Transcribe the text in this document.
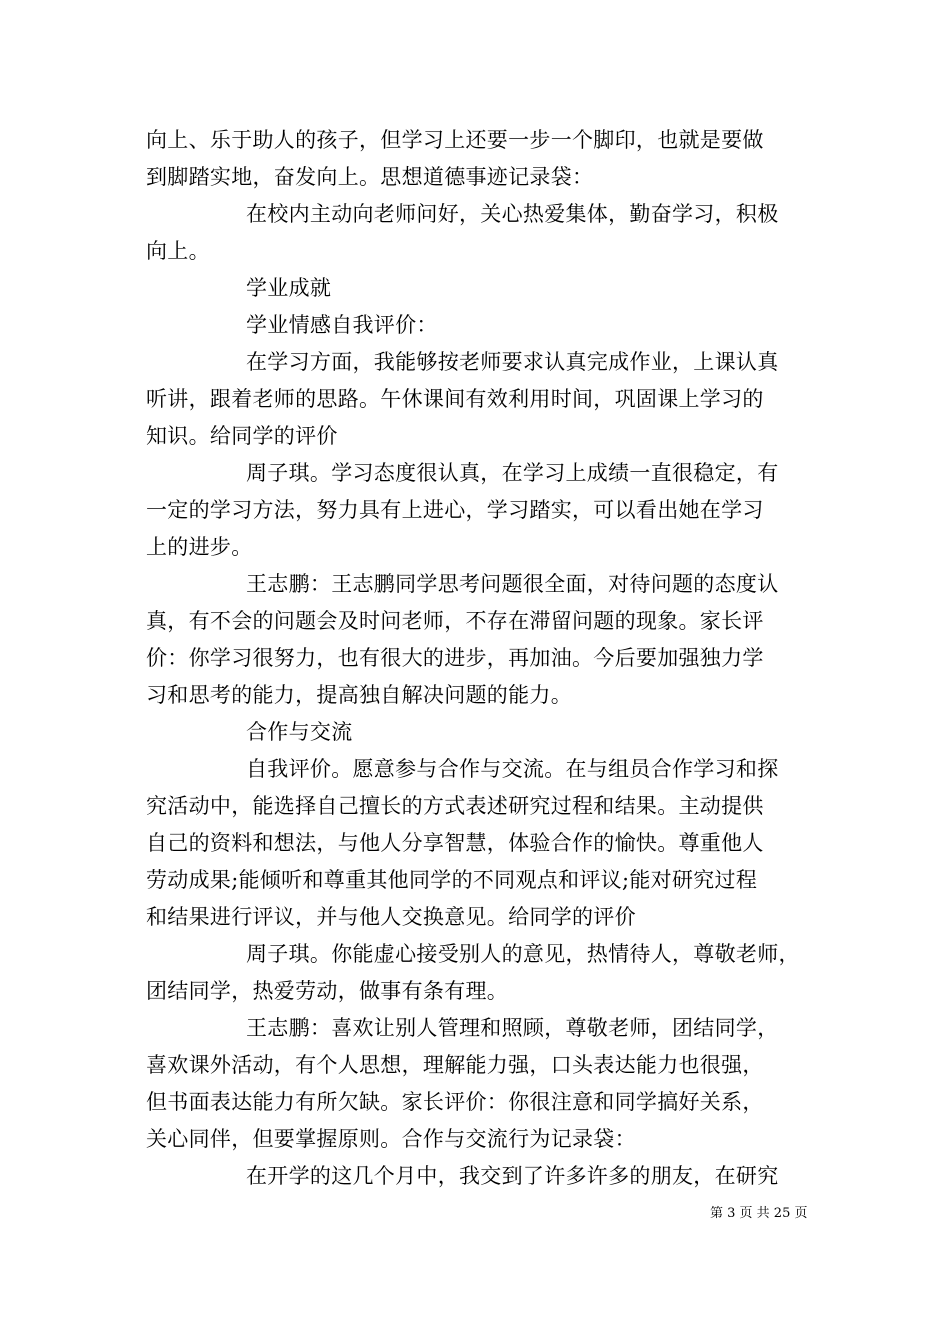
向上、乐于助人的孩子，但学习上还要一步一个脚印，也就是要做
到脚踏实地，奋发向上。思想道德事迹记录袋：
在校内主动向老师问好，关心热爱集体，勤奋学习，积极
向上。
学业成就
学业情感自我评价：
在学习方面，我能够按老师要求认真完成作业，上课认真
听讲，跟着老师的思路。午休课间有效利用时间，巩固课上学习的
知识。给同学的评价
周子琪。学习态度很认真，在学习上成绩一直很稳定，有
一定的学习方法，努力具有上进心，学习踏实，可以看出她在学习
上的进步。
王志鹏：王志鹏同学思考问题很全面，对待问题的态度认
真，有不会的问题会及时问老师，不存在滞留问题的现象。家长评
价：你学习很努力，也有很大的进步，再加油。今后要加强独力学
习和思考的能力，提高独自解决问题的能力。
合作与交流
自我评价。愿意参与合作与交流。在与组员合作学习和探
究活动中，能选择自己擅长的方式表述研究过程和结果。主动提供
自己的资料和想法，与他人分享智慧，体验合作的愉快。尊重他人
劳动成果;能倾听和尊重其他同学的不同观点和评议;能对研究过程
和结果进行评议，并与他人交换意见。给同学的评价
周子琪。你能虚心接受别人的意见，热情待人，尊敬老师，
团结同学，热爱劳动，做事有条有理。
王志鹏：喜欢让别人管理和照顾，尊敬老师，团结同学，
喜欢课外活动，有个人思想，理解能力强，口头表达能力也很强，
但书面表达能力有所欠缺。家长评价：你很注意和同学搞好关系，
关心同伴，但要掌握原则。合作与交流行为记录袋：
在开学的这几个月中，我交到了许多许多的朋友，在研究
第 3 页 共 25 页
